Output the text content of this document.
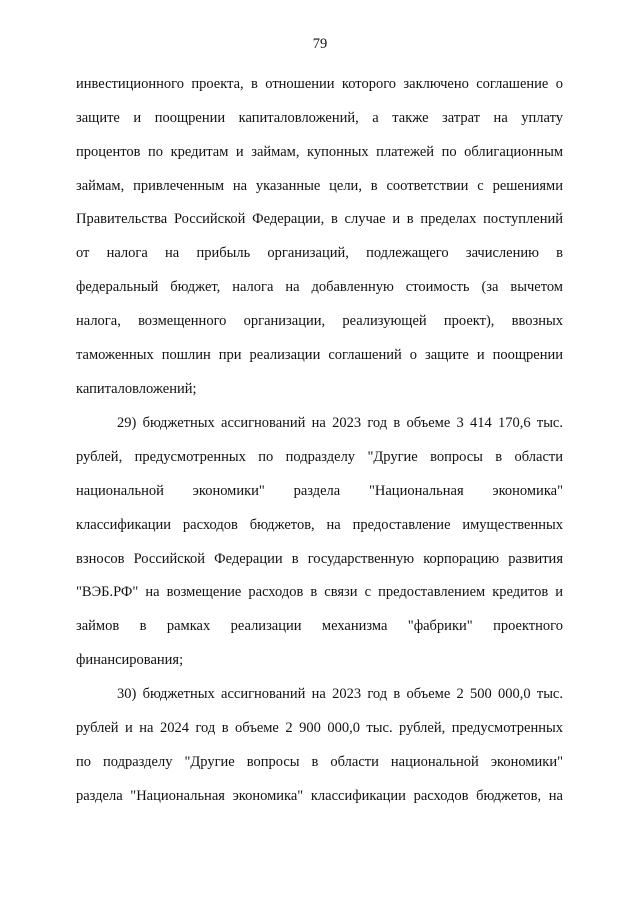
79
инвестиционного проекта, в отношении которого заключено соглашение о
защите и поощрении капиталовложений, а также затрат на уплату
процентов по кредитам и займам, купонных платежей по облигационным
займам, привлеченным на указанные цели, в соответствии с решениями
Правительства Российской Федерации, в случае и в пределах поступлений
от налога на прибыль организаций, подлежащего зачислению в
федеральный бюджет, налога на добавленную стоимость (за вычетом
налога, возмещенного организации, реализующей проект), ввозных
таможенных пошлин при реализации соглашений о защите и поощрении
капиталовложений;
29) бюджетных ассигнований на 2023 год в объеме 3 414 170,6 тыс.
рублей, предусмотренных по подразделу "Другие вопросы в области
национальной экономики" раздела "Национальная экономика"
классификации расходов бюджетов, на предоставление имущественных
взносов Российской Федерации в государственную корпорацию развития
"ВЭБ.РФ" на возмещение расходов в связи с предоставлением кредитов и
займов в рамках реализации механизма "фабрики" проектного
финансирования;
30) бюджетных ассигнований на 2023 год в объеме 2 500 000,0 тыс.
рублей и на 2024 год в объеме 2 900 000,0 тыс. рублей, предусмотренных
по подразделу "Другие вопросы в области национальной экономики"
раздела "Национальная экономика" классификации расходов бюджетов, на
